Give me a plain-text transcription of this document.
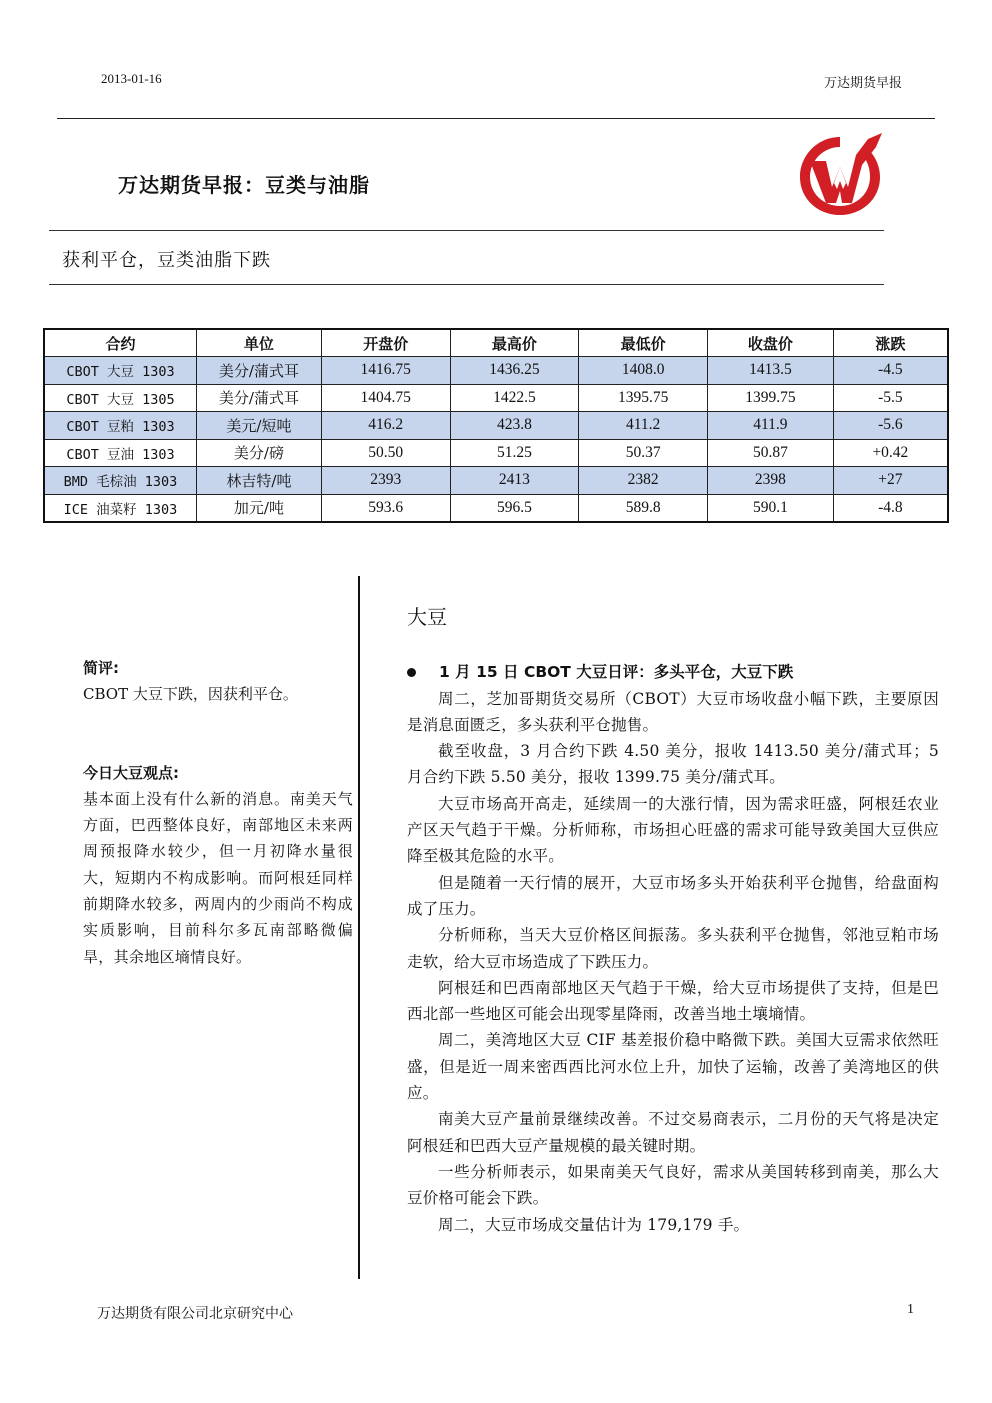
2013-01-16	万达期货早报
万达期货早报：豆类与油脂
获利平仓，豆类油脂下跌
合约	单位	开盘价	最高价	最低价	收盘价	涨跌
CBOT 大豆 1303	美分/蒲式耳	1416.75	1436.25	1408.0	1413.5	-4.5
CBOT 大豆 1305	美分/蒲式耳	1404.75	1422.5	1395.75	1399.75	-5.5
CBOT 豆粕 1303	美元/短吨	416.2	423.8	411.2	411.9	-5.6
CBOT 豆油 1303	美分/磅	50.50	51.25	50.37	50.87	+0.42
BMD 毛棕油 1303	林吉特/吨	2393	2413	2382	2398	+27
ICE 油菜籽 1303	加元/吨	593.6	596.5	589.8	590.1	-4.8
简评:
CBOT 大豆下跌，因获利平仓。
今日大豆观点:
基本面上没有什么新的消息。南美天气方面，巴西整体良好，南部地区未来两周预报降水较少，但一月初降水量很大，短期内不构成影响。而阿根廷同样前期降水较多，两周内的少雨尚不构成实质影响，目前科尔多瓦南部略微偏旱，其余地区墒情良好。
大豆
1 月 15 日 CBOT 大豆日评：多头平仓，大豆下跌

周二，芝加哥期货交易所（CBOT）大豆市场收盘小幅下跌，主要原因是消息面匮乏，多头获利平仓抛售。

截至收盘，3 月合约下跌 4.50 美分，报收 1413.50 美分/蒲式耳；5 月合约下跌 5.50 美分，报收 1399.75 美分/蒲式耳。

大豆市场高开高走，延续周一的大涨行情，因为需求旺盛，阿根廷农业产区天气趋于干燥。分析师称，市场担心旺盛的需求可能导致美国大豆供应降至极其危险的水平。

但是随着一天行情的展开，大豆市场多头开始获利平仓抛售，给盘面构成了压力。

分析师称，当天大豆价格区间振荡。多头获利平仓抛售，邻池豆粕市场走软，给大豆市场造成了下跌压力。

阿根廷和巴西南部地区天气趋于干燥，给大豆市场提供了支持，但是巴西北部一些地区可能会出现零星降雨，改善当地土壤墒情。

周二，美湾地区大豆 CIF 基差报价稳中略微下跌。美国大豆需求依然旺盛，但是近一周来密西西比河水位上升，加快了运输，改善了美湾地区的供应。

南美大豆产量前景继续改善。不过交易商表示，二月份的天气将是决定阿根廷和巴西大豆产量规模的最关键时期。

一些分析师表示，如果南美天气良好，需求从美国转移到南美，那么大豆价格可能会下跌。

周二，大豆市场成交量估计为 179,179 手。

万达期货有限公司北京研究中心	1
